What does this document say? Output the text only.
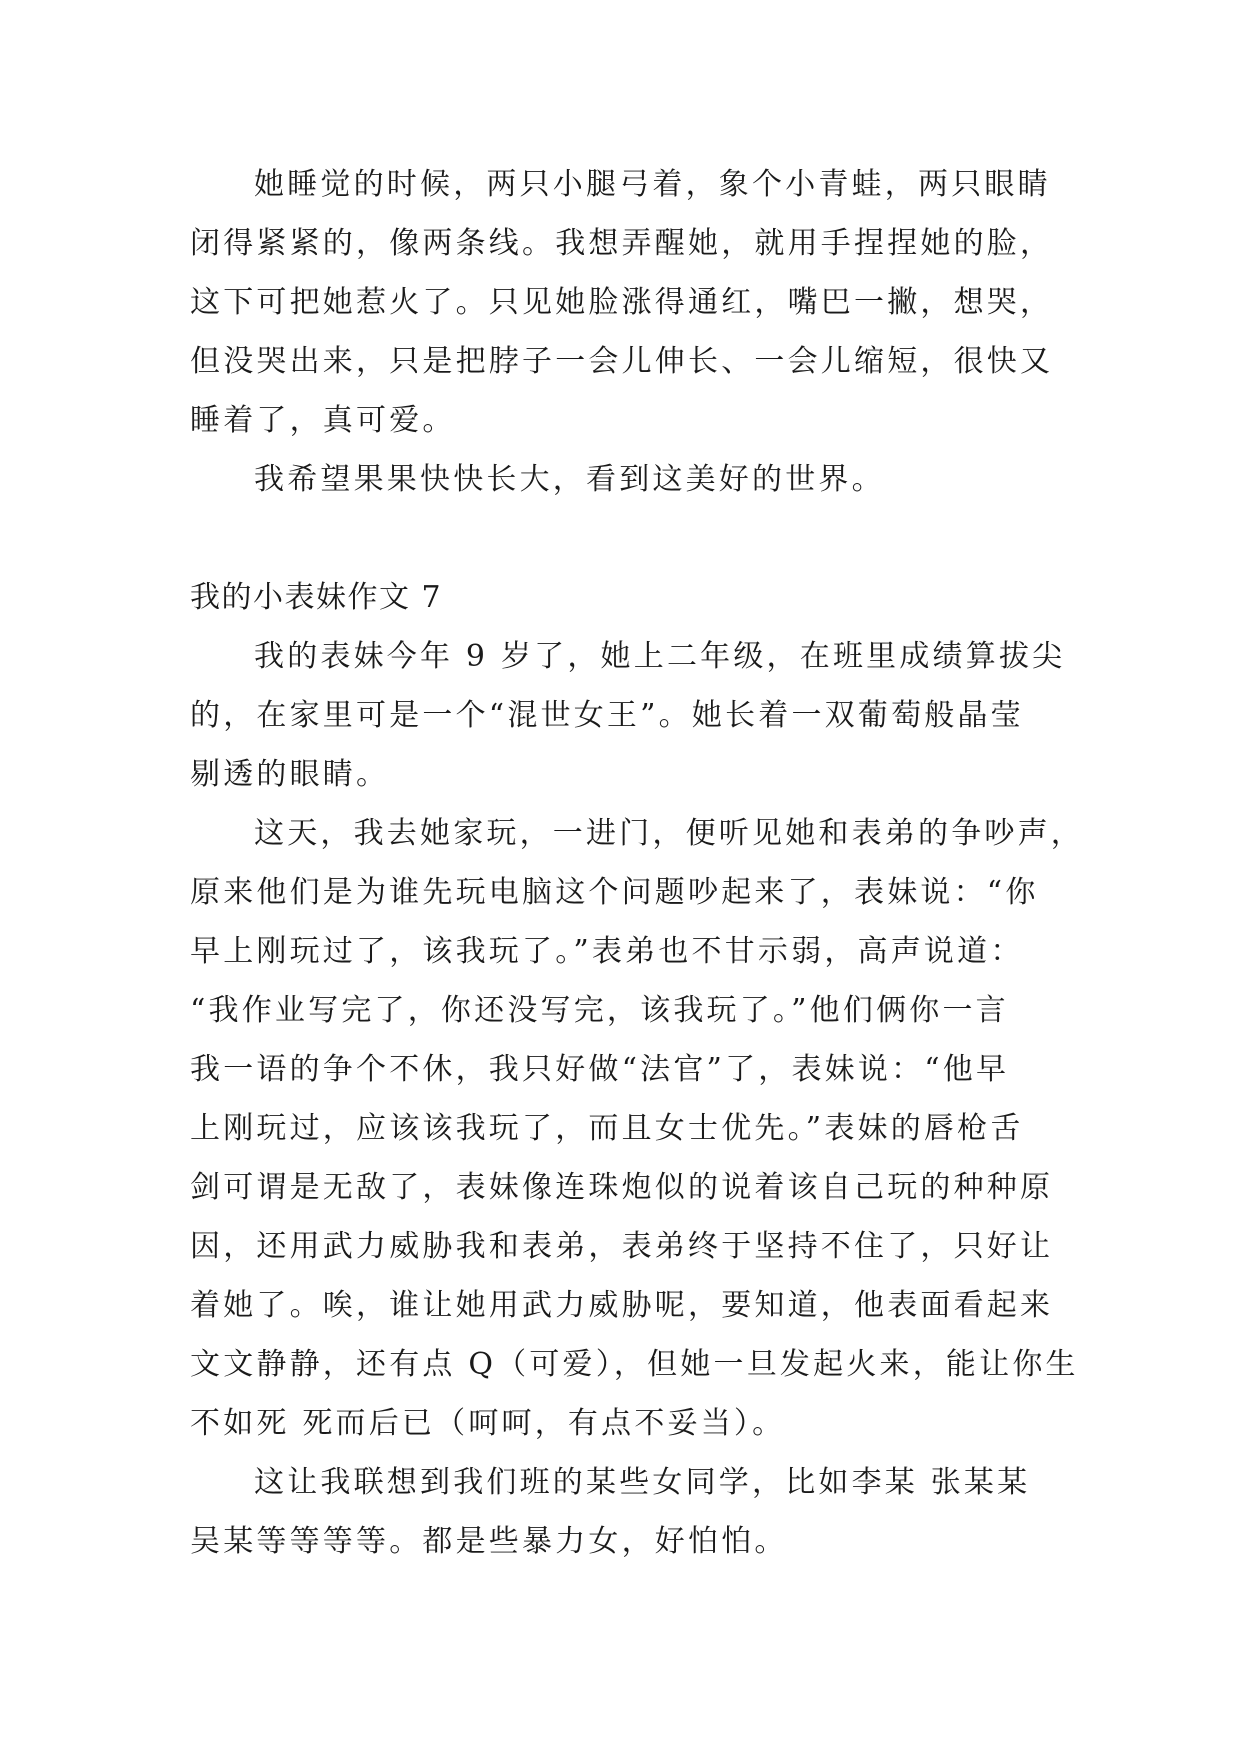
她睡觉的时候，两只小腿弓着，象个小青蛙，两只眼睛
闭得紧紧的，像两条线。我想弄醒她，就用手捏捏她的脸，
这下可把她惹火了。只见她脸涨得通红，嘴巴一撇，想哭，
但没哭出来，只是把脖子一会儿伸长、一会儿缩短，很快又
睡着了，真可爱。
我希望果果快快长大，看到这美好的世界。
我的小表妹作文 7
我的表妹今年 9 岁了，她上二年级，在班里成绩算拔尖
的，在家里可是一个“混世女王”。她长着一双葡萄般晶莹
剔透的眼睛。
这天，我去她家玩，一进门，便听见她和表弟的争吵声，
原来他们是为谁先玩电脑这个问题吵起来了，表妹说：“你
早上刚玩过了，该我玩了。”表弟也不甘示弱，高声说道：
“我作业写完了，你还没写完，该我玩了。”他们俩你一言
我一语的争个不休，我只好做“法官”了，表妹说：“他早
上刚玩过，应该该我玩了，而且女士优先。”表妹的唇枪舌
剑可谓是无敌了，表妹像连珠炮似的说着该自己玩的种种原
因，还用武力威胁我和表弟，表弟终于坚持不住了，只好让
着她了。唉，谁让她用武力威胁呢，要知道，他表面看起来
文文静静，还有点 Q（可爱），但她一旦发起火来，能让你生
不如死 死而后已（呵呵，有点不妥当）。
这让我联想到我们班的某些女同学，比如李某 张某某
吴某等等等等。都是些暴力女，好怕怕。
